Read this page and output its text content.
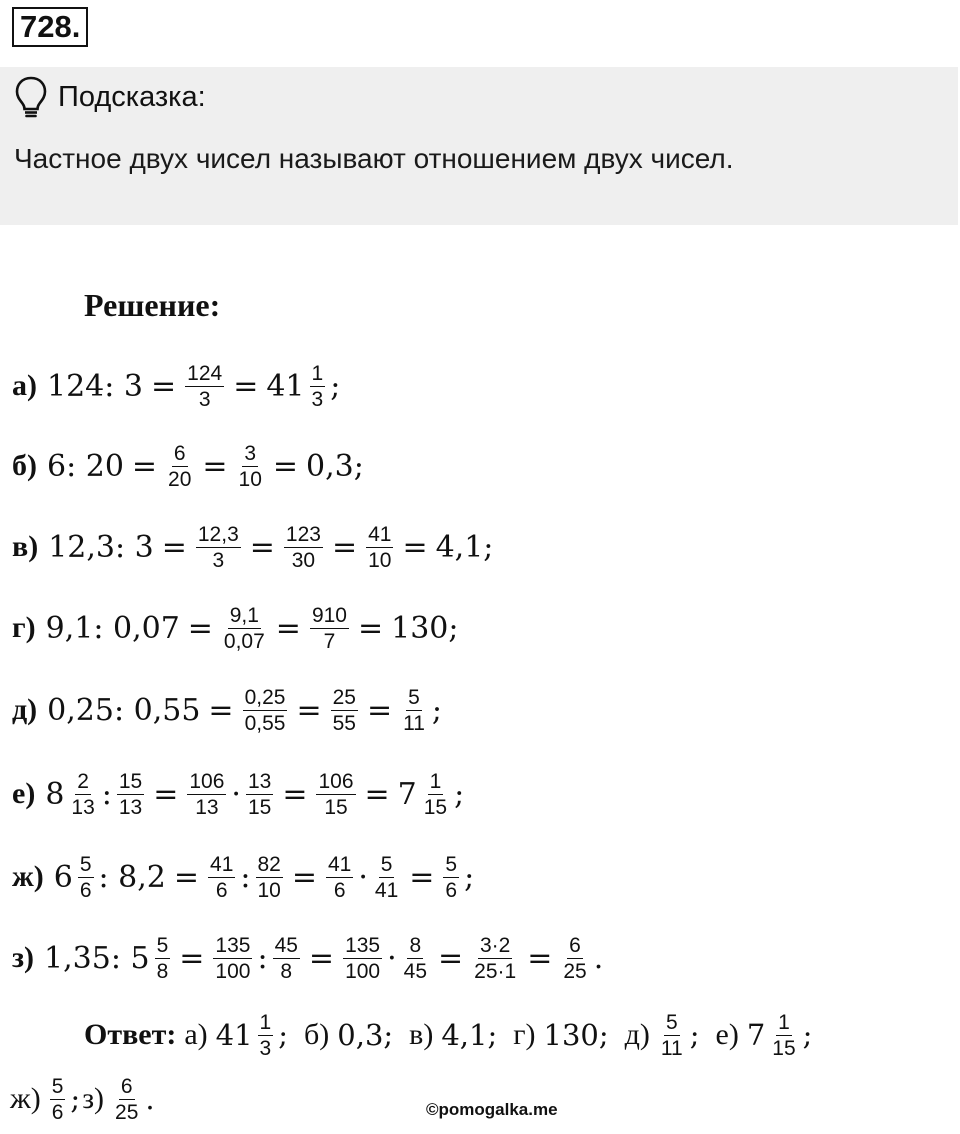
728.
Подсказка:
Частное двух чисел называют отношением двух чисел.
Решение:
а) 124: $3 = \frac{124}{3} = 41 \frac{1}{3}$ ;
б) 6: $20 = \frac{6}{20} = \frac{3}{10} = 0,3$;
в) 12,3: $3 = \frac{12,3}{3} = \frac{123}{30} = \frac{41}{10} = 4,1$;
г) 9,1: $0,07 = \frac{9,1}{0,07} = \frac{910}{7} = 130$;
д) 0,25: $0,55 = \frac{0,25}{0,55} = \frac{25}{55} = \frac{5}{11}$ ;
е) $8 \frac{2}{13}$ : $\frac{15}{13} = \frac{106}{13} \cdot \frac{13}{15} = \frac{106}{15} = 7 \frac{1}{15}$ ;
ж) $6 \frac{5}{6}$ : $8,2 = \frac{41}{6}$ : $\frac{82}{10} = \frac{41}{6} \cdot \frac{5}{41} = \frac{5}{6}$ ;
з) 1,35: $5 \frac{5}{8} = \frac{135}{100}$ : $\frac{45}{8} = \frac{135}{100} \cdot \frac{8}{45} = \frac{3\cdot 2}{25\cdot 1} = \frac{6}{25}$ .
Ответ: а) $41 \frac{1}{3}$ ; б) 0,3; в) 4,1; г) 130; $д) \frac{5}{11}$ ; е) $7 \frac{1}{15}$ ;
$ж) \frac{5}{6}$ ; $з) \frac{6}{25}$ .	©pomogalka.me
